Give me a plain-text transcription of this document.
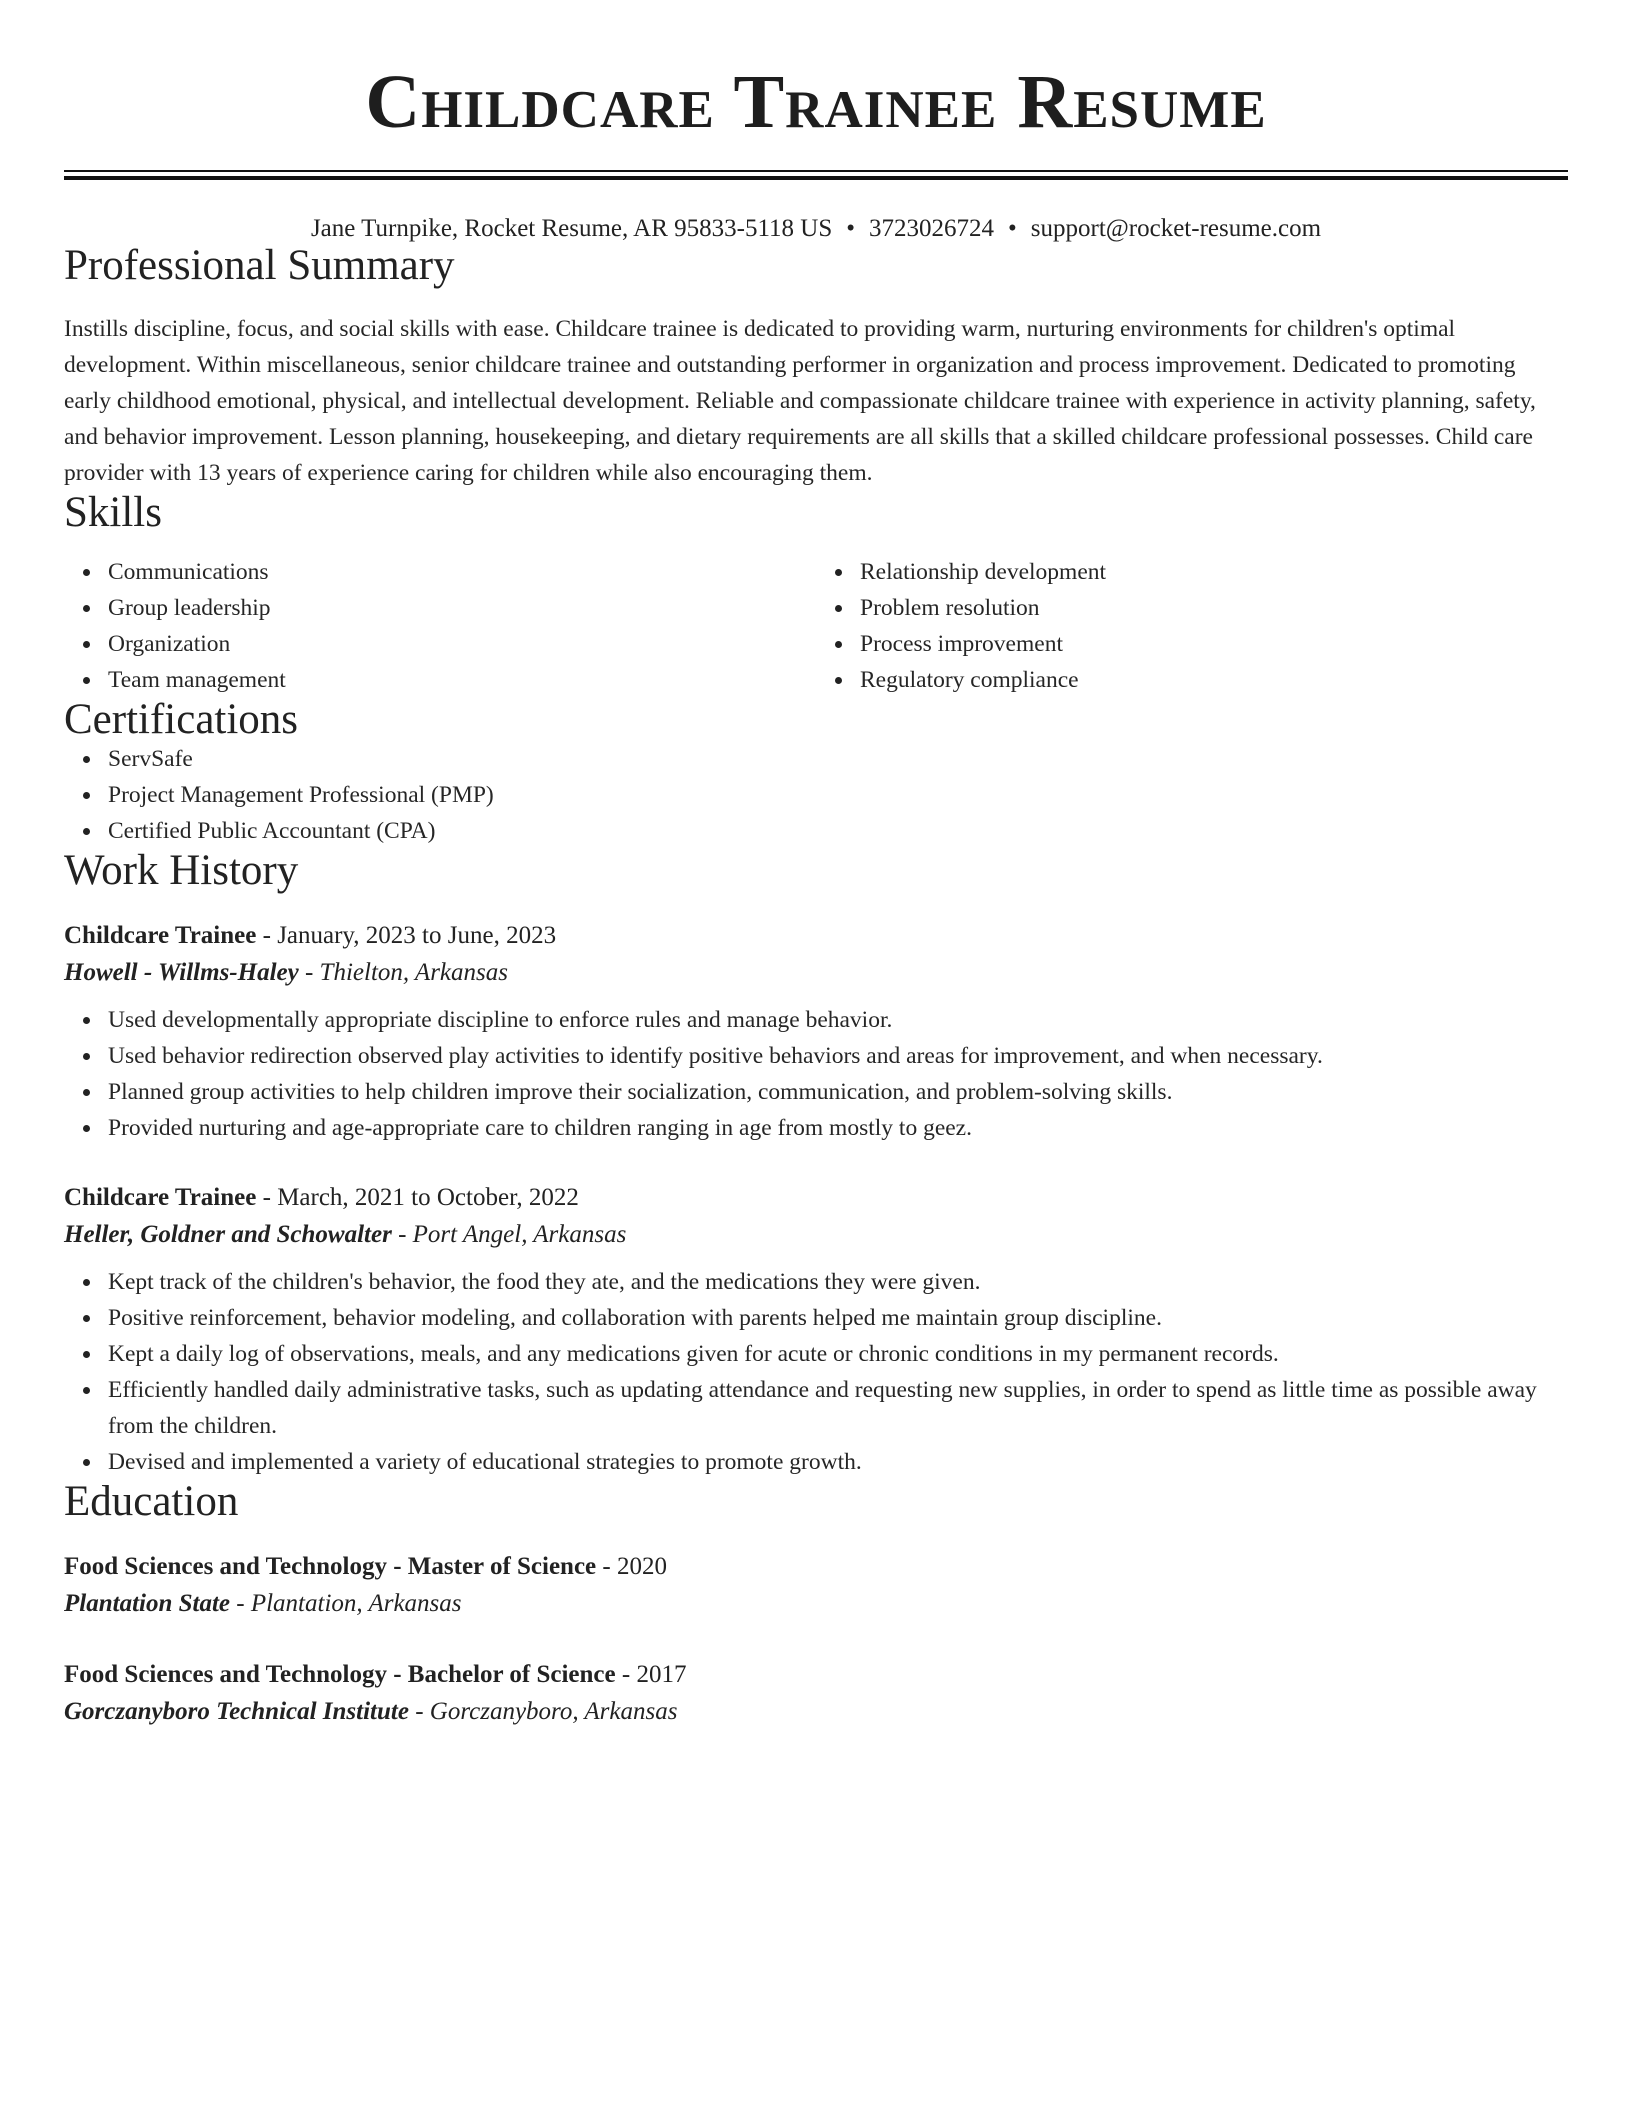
Childcare Trainee Resume
Jane Turnpike, Rocket Resume, AR 95833-5118 US • 3723026724 • support@rocket-resume.com
Professional Summary
Instills discipline, focus, and social skills with ease. Childcare trainee is dedicated to providing warm, nurturing environments for children's optimal development. Within miscellaneous, senior childcare trainee and outstanding performer in organization and process improvement. Dedicated to promoting early childhood emotional, physical, and intellectual development. Reliable and compassionate childcare trainee with experience in activity planning, safety, and behavior improvement. Lesson planning, housekeeping, and dietary requirements are all skills that a skilled childcare professional possesses. Child care provider with 13 years of experience caring for children while also encouraging them.
Skills
Communications
Group leadership
Organization
Team management
Relationship development
Problem resolution
Process improvement
Regulatory compliance
Certifications
ServSafe
Project Management Professional (PMP)
Certified Public Accountant (CPA)
Work History
Childcare Trainee - January, 2023 to June, 2023
Howell - Willms-Haley - Thielton, Arkansas
Used developmentally appropriate discipline to enforce rules and manage behavior.
Used behavior redirection observed play activities to identify positive behaviors and areas for improvement, and when necessary.
Planned group activities to help children improve their socialization, communication, and problem-solving skills.
Provided nurturing and age-appropriate care to children ranging in age from mostly to geez.
Childcare Trainee - March, 2021 to October, 2022
Heller, Goldner and Schowalter - Port Angel, Arkansas
Kept track of the children's behavior, the food they ate, and the medications they were given.
Positive reinforcement, behavior modeling, and collaboration with parents helped me maintain group discipline.
Kept a daily log of observations, meals, and any medications given for acute or chronic conditions in my permanent records.
Efficiently handled daily administrative tasks, such as updating attendance and requesting new supplies, in order to spend as little time as possible away from the children.
Devised and implemented a variety of educational strategies to promote growth.
Education
Food Sciences and Technology - Master of Science - 2020
Plantation State - Plantation, Arkansas
Food Sciences and Technology - Bachelor of Science - 2017
Gorczanyboro Technical Institute - Gorczanyboro, Arkansas
